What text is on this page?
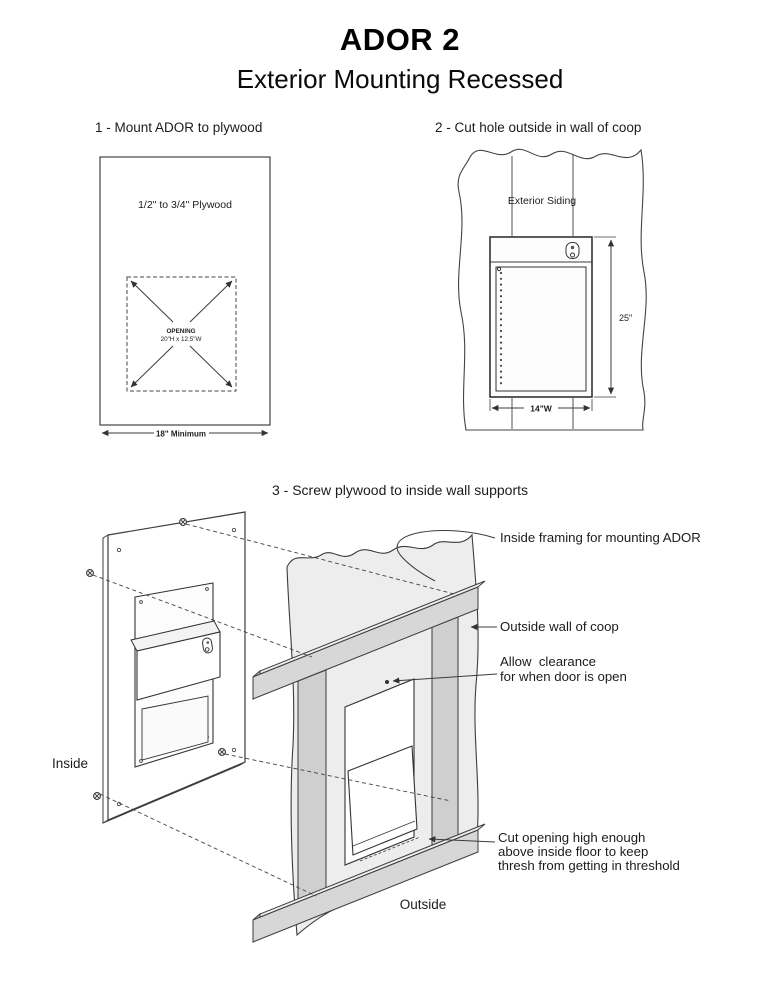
ADOR 2
Exterior Mounting Recessed
1 - Mount ADOR to plywood
1/2" to 3/4" Plywood
OPENING
20"H x 12.5"W
18" Minimum
2 - Cut hole outside in wall of coop
Exterior Siding
25"
14"W
3 - Screw plywood to inside wall supports
Inside framing for mounting ADOR
Outside wall of coop
Allow  clearance
for when door is open
Cut opening high enough
above inside floor to keep
thresh from getting in threshold
Inside
Outside
